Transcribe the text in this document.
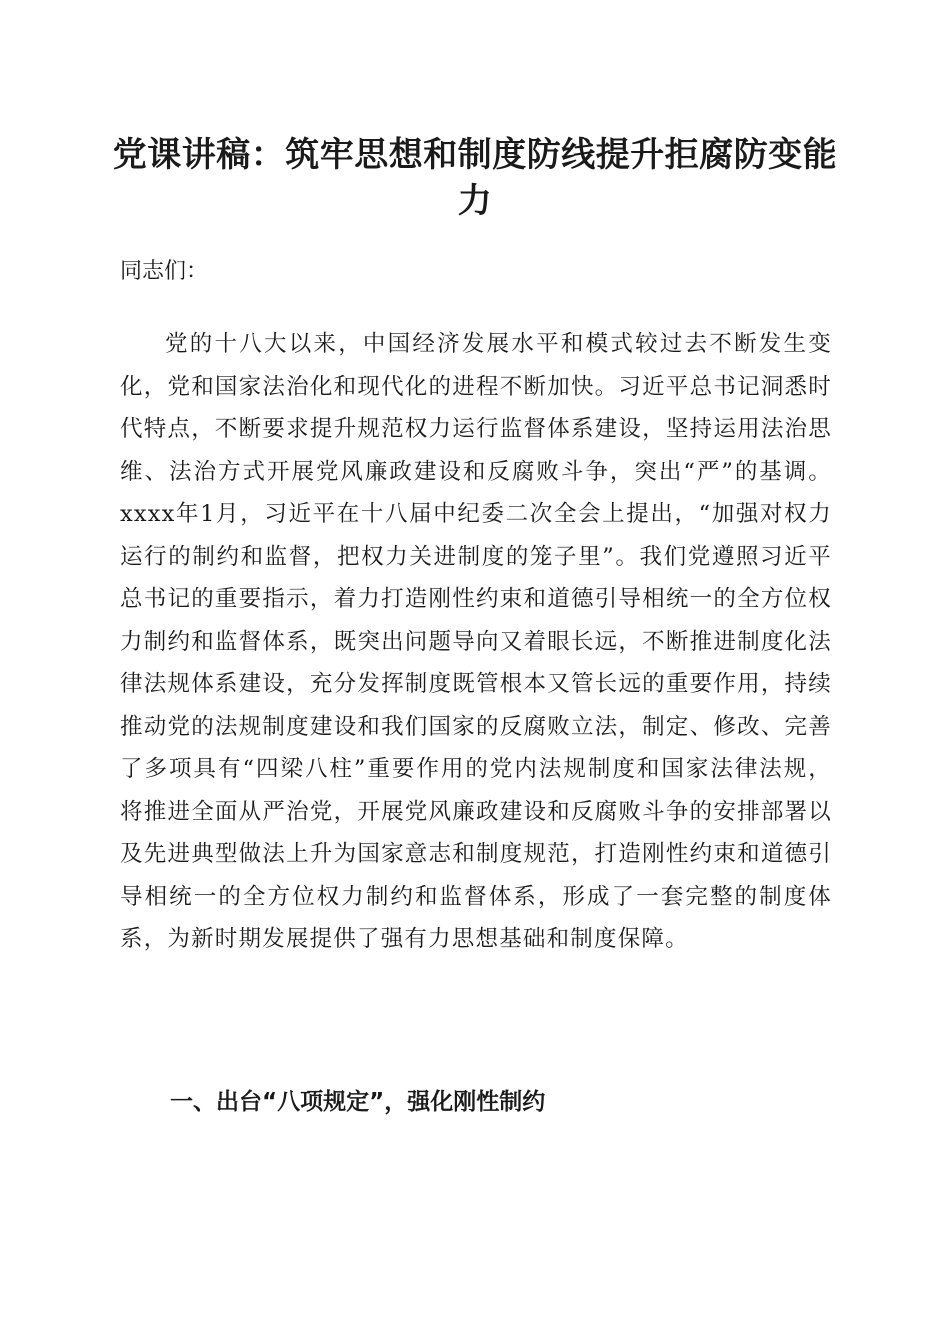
党课讲稿：筑牢思想和制度防线提升拒腐防变能力

同志们：

党的十八大以来，中国经济发展水平和模式较过去不断发生变化，党和国家法治化和现代化的进程不断加快。习近平总书记洞悉时代特点，不断要求提升规范权力运行监督体系建设，坚持运用法治思维、法治方式开展党风廉政建设和反腐败斗争，突出“严”的基调。xxxx年1月，习近平在十八届中纪委二次全会上提出，“加强对权力运行的制约和监督，把权力关进制度的笼子里”。我们党遵照习近平总书记的重要指示，着力打造刚性约束和道德引导相统一的全方位权力制约和监督体系，既突出问题导向又着眼长远，不断推进制度化法律法规体系建设，充分发挥制度既管根本又管长远的重要作用，持续推动党的法规制度建设和我们国家的反腐败立法，制定、修改、完善了多项具有“四梁八柱”重要作用的党内法规制度和国家法律法规，将推进全面从严治党，开展党风廉政建设和反腐败斗争的安排部署以及先进典型做法上升为国家意志和制度规范，打造刚性约束和道德引导相统一的全方位权力制约和监督体系，形成了一套完整的制度体系，为新时期发展提供了强有力思想基础和制度保障。

一、出台“八项规定”，强化刚性制约
